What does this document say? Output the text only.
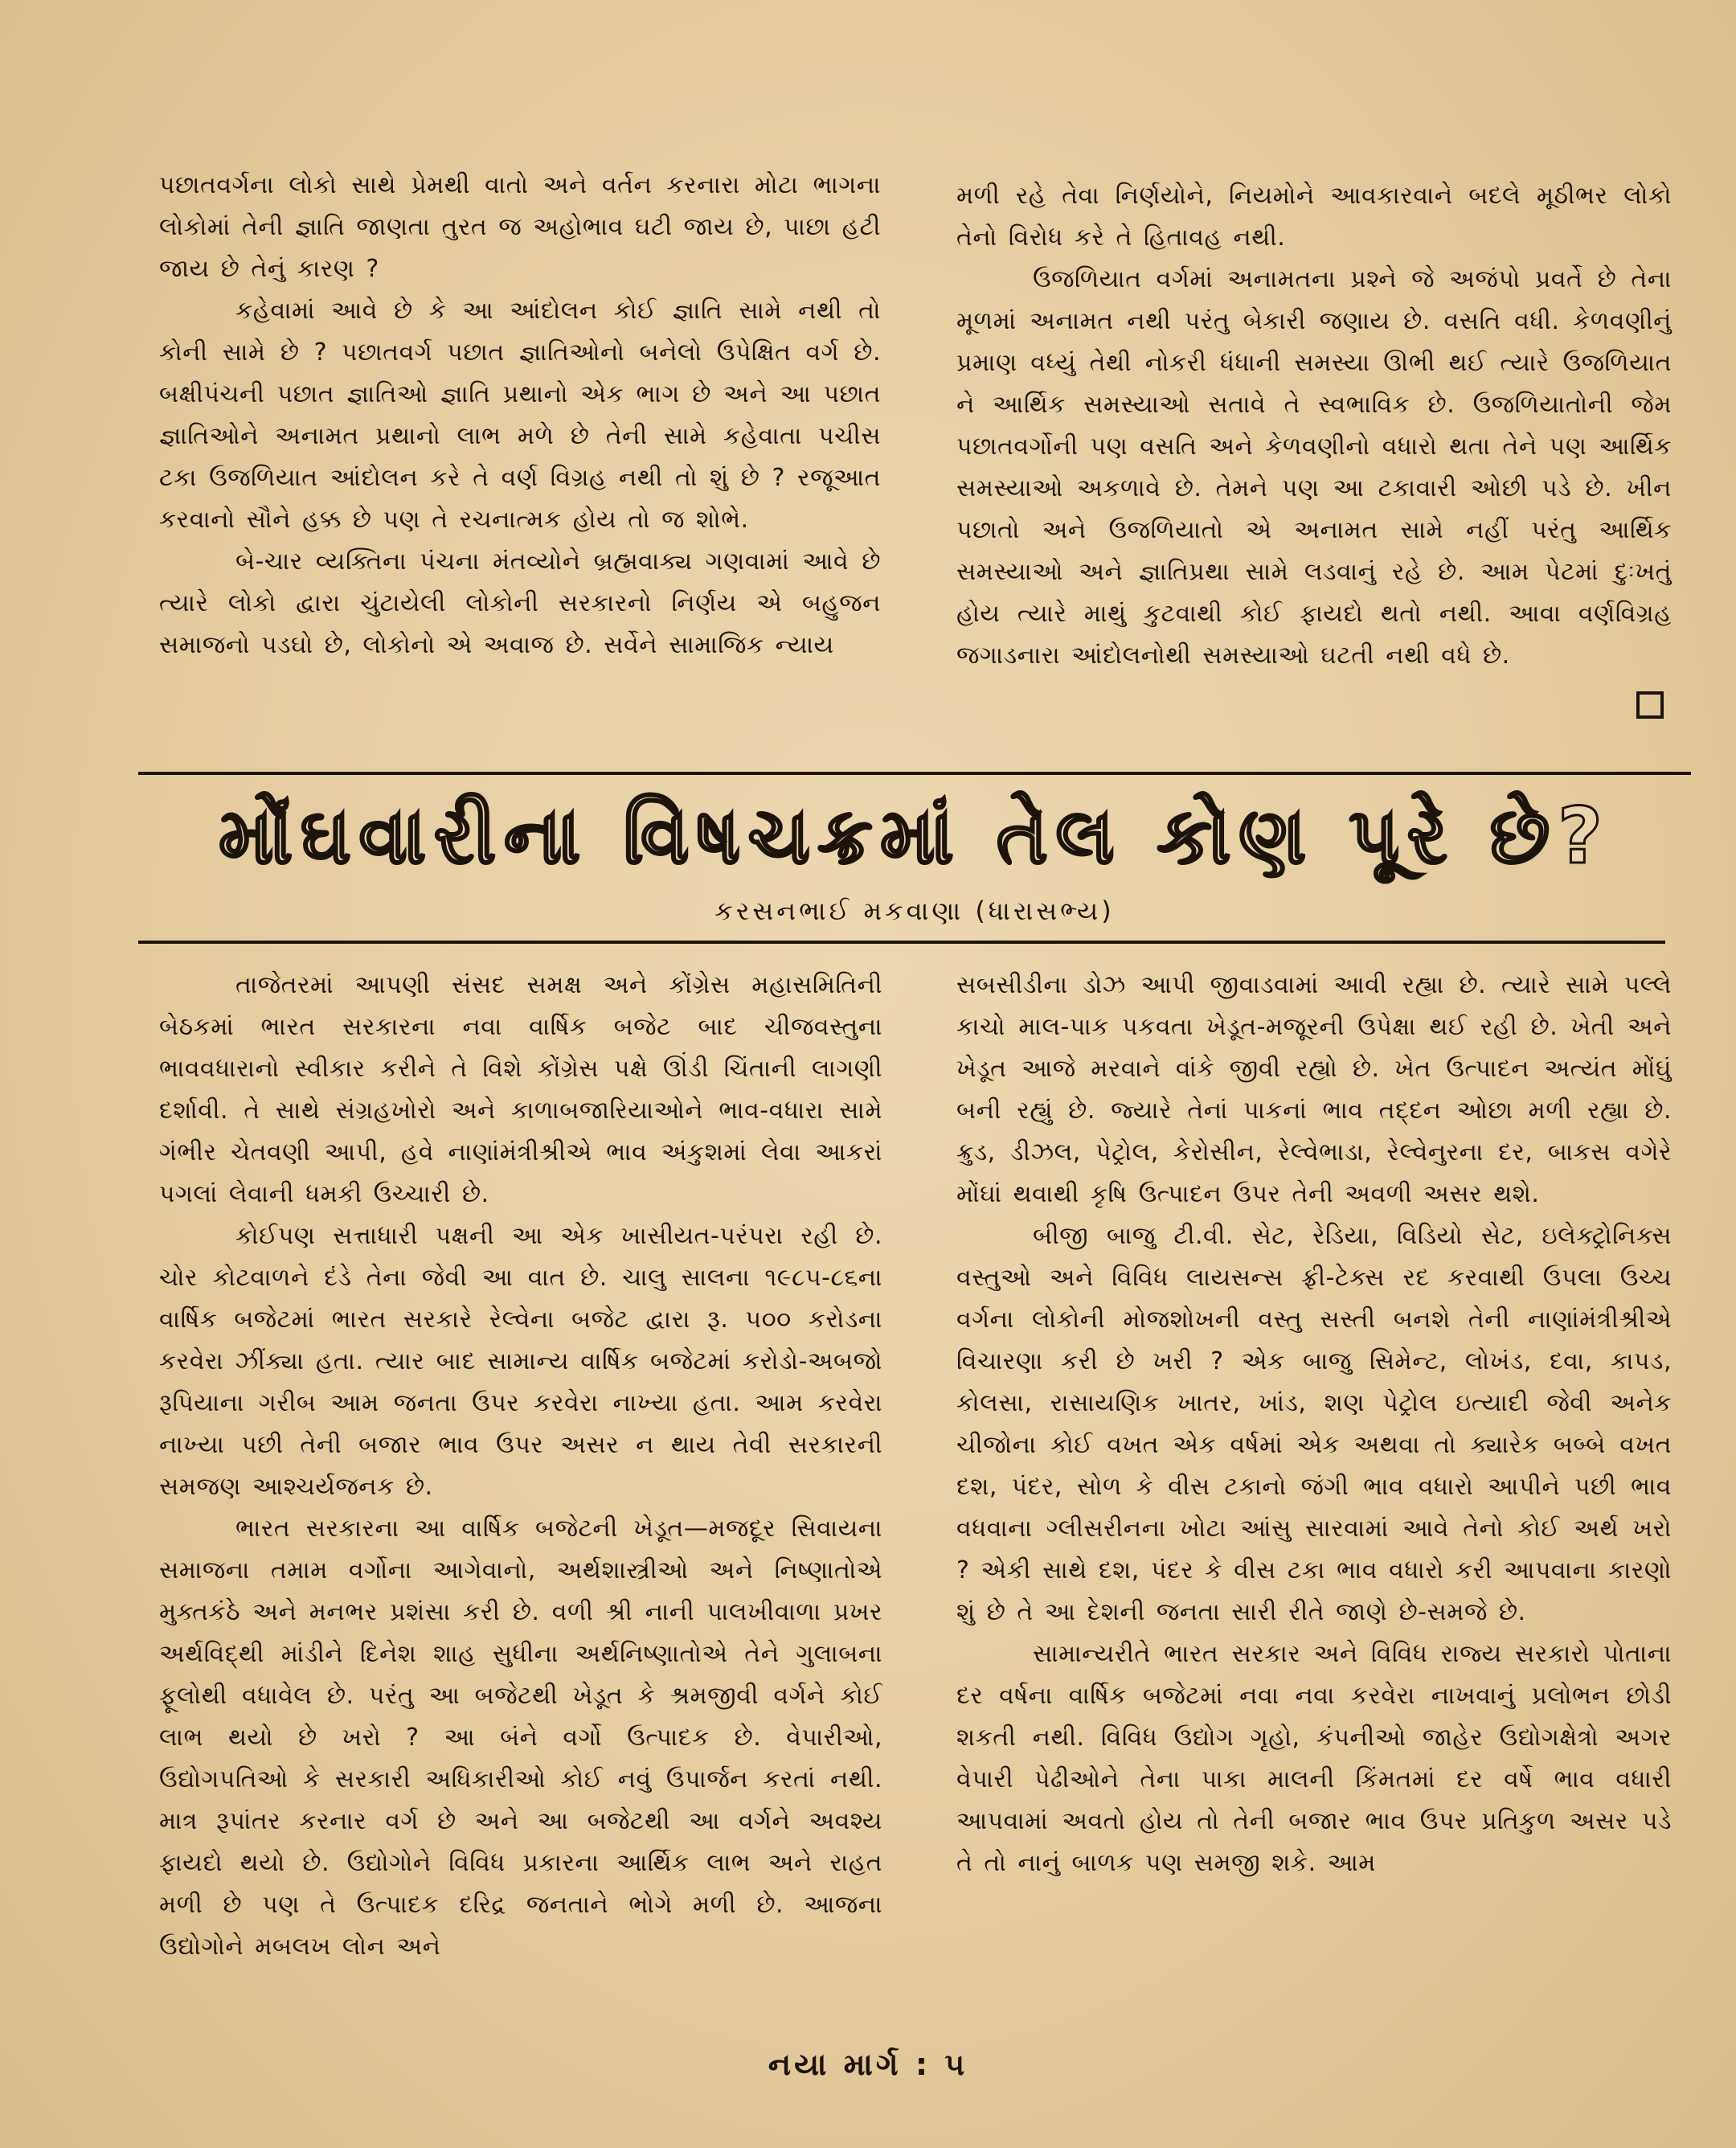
પછાતવર્ગના લોકો સાથે પ્રેમથી વાતો અને વર્તન કરનારા મોટા ભાગના લોકોમાં તેની જ્ઞાતિ જાણતા તુરત જ અહોભાવ ઘટી જાય છે, પાછા હટી જાય છે તેનું કારણ ?

કહેવામાં આવે છે કે આ આંદોલન કોઈ જ્ઞાતિ સામે નથી તો કોની સામે છે ? પછાતવર્ગ પછાત જ્ઞાતિઓનો બનેલો ઉપેક્ષિત વર્ગ છે. બક્ષીપંચની પછાત જ્ઞાતિઓ જ્ઞાતિ પ્રથાનો એક ભાગ છે અને આ પછાત જ્ઞાતિઓને અનામત પ્રથાનો લાભ મળે છે તેની સામે કહેવાતા પચીસ ટકા ઉજળિયાત આંદોલન કરે તે વર્ણ વિગ્રહ નથી તો શું છે ? રજૂઆત કરવાનો સૌને હક્ક છે પણ તે રચનાત્મક હોય તો જ શોભે.

બે-ચાર વ્યક્તિના પંચના મંતવ્યોને બ્રહ્મવાક્ય ગણવામાં આવે છે ત્યારે લોકો દ્વારા ચુંટાયેલી લોકોની સરકારનો નિર્ણય એ બહુજન સમાજનો પડઘો છે, લોકોનો એ અવાજ છે. સર્વેને સામાજિક ન્યાય

મળી રહે તેવા નિર્ણયોને, નિયમોને આવકારવાને બદલે મૂઠીભર લોકો તેનો વિરોધ કરે તે હિતાવહ નથી.

ઉજળિયાત વર્ગમાં અનામતના પ્રશ્ને જે અજંપો પ્રવર્તે છે તેના મૂળમાં અનામત નથી પરંતુ બેકારી જણાય છે. વસતિ વધી. કેળવણીનું પ્રમાણ વધ્યું તેથી નોકરી ધંધાની સમસ્યા ઊભી થઈ ત્યારે ઉજળિયાત ને આર્થિક સમસ્યાઓ સતાવે તે સ્વભાવિક છે. ઉજળિયાતોની જેમ પછાતવર્ગોની પણ વસતિ અને કેળવણીનો વધારો થતા તેને પણ આર્થિક સમસ્યાઓ અકળાવે છે. તેમને પણ આ ટકાવારી ઓછી પડે છે. ખીન પછાતો અને ઉજળિયાતો એ અનામત સામે નહીં પરંતુ આર્થિક સમસ્યાઓ અને જ્ઞાતિપ્રથા સામે લડવાનું રહે છે. આમ પેટમાં દુઃખતું હોય ત્યારે માથું કુટવાથી કોઈ ફાયદો થતો નથી. આવા વર્ણવિગ્રહ જગાડનારા આંદોલનોથી સમસ્યાઓ ઘટતી નથી વધે છે.

મોંઘવારીના વિષચક્રમાં તેલ કોણ પૂરે છે?
કરસનભાઈ મકવાણા (ધારાસભ્ય)

તાજેતરમાં આપણી સંસદ સમક્ષ અને કોંગ્રેસ મહાસમિતિની બેઠકમાં ભારત સરકારના નવા વાર્ષિક બજેટ બાદ ચીજવસ્તુના ભાવવધારાનો સ્વીકાર કરીને તે વિશે કોંગ્રેસ પક્ષે ઊંડી ચિંતાની લાગણી દર્શાવી. તે સાથે સંગ્રહખોરો અને કાળાબજારિયાઓને ભાવ-વધારા સામે ગંભીર ચેતવણી આપી, હવે નાણાંમંત્રીશ્રીએ ભાવ અંકુશમાં લેવા આકરાં પગલાં લેવાની ધમકી ઉચ્ચારી છે.

કોઈપણ સત્તાધારી પક્ષની આ એક ખાસીયત-પરંપરા રહી છે. ચોર કોટવાળને દંડે તેના જેવી આ વાત છે. ચાલુ સાલના ૧૯૮૫-૮૬ના વાર્ષિક બજેટમાં ભારત સરકારે રેલ્વેના બજેટ દ્વારા રૂ. ૫૦૦ કરોડના કરવેરા ઝીંક્યા હતા. ત્યાર બાદ સામાન્ય વાર્ષિક બજેટમાં કરોડો-અબજો રૂપિયાના ગરીબ આમ જનતા ઉપર કરવેરા નાખ્યા હતા. આમ કરવેરા નાખ્યા પછી તેની બજાર ભાવ ઉપર અસર ન થાય તેવી સરકારની સમજણ આશ્ચર્યજનક છે.

ભારત સરકારના આ વાર્ષિક બજેટની ખેડૂત—મજદૂર સિવાયના સમાજના તમામ વર્ગોના આગેવાનો, અર્થશાસ્ત્રીઓ અને નિષ્ણાતોએ મુક્તકંઠે અને મનભર પ્રશંસા કરી છે. વળી શ્રી નાની પાલખીવાળા પ્રખર અર્થવિદ્થી માંડીને દિનેશ શાહ સુધીના અર્થનિષ્ણાતોએ તેને ગુલાબના ફૂલોથી વધાવેલ છે. પરંતુ આ બજેટથી ખેડૂત કે શ્રમજીવી વર્ગને કોઈ લાભ થયો છે ખરો ? આ બંને વર્ગો ઉત્પાદક છે. વેપારીઓ, ઉદ્યોગપતિઓ કે સરકારી અધિકારીઓ કોઈ નવું ઉપાર્જન કરતાં નથી. માત્ર રૂપાંતર કરનાર વર્ગ છે અને આ બજેટથી આ વર્ગને અવશ્ય ફાયદો થયો છે. ઉદ્યોગોને વિવિધ પ્રકારના આર્થિક લાભ અને રાહત મળી છે પણ તે ઉત્પાદક દરિદ્ર જનતાને ભોગે મળી છે. આજના ઉદ્યોગોને મબલખ લોન અને

સબસીડીના ડોઝ આપી જીવાડવામાં આવી રહ્યા છે. ત્યારે સામે પલ્લે કાચો માલ-પાક પકવતા ખેડૂત-મજૂરની ઉપેક્ષા થઈ રહી છે. ખેતી અને ખેડૂત આજે મરવાને વાંકે જીવી રહ્યો છે. ખેત ઉત્પાદન અત્યંત મોંઘું બની રહ્યું છે. જ્યારે તેનાં પાકનાં ભાવ તદ્દન ઓછા મળી રહ્યા છે. ક્રુડ, ડીઝલ, પેટ્રોલ, કેરોસીન, રેલ્વેભાડા, રેલ્વેનુરના દર, બાકસ વગેરે મોંઘાં થવાથી કૃષિ ઉત્પાદન ઉપર તેની અવળી અસર થશે.

બીજી બાજુ ટી.વી. સેટ, રેડિયા, વિડિયો સેટ, ઇલેક્ટ્રોનિક્સ વસ્તુઓ અને વિવિધ લાયસન્સ ફ્રી-ટેક્સ રદ કરવાથી ઉપલા ઉચ્ચ વર્ગના લોકોની મોજશોખની વસ્તુ સસ્તી બનશે તેની નાણાંમંત્રીશ્રીએ વિચારણા કરી છે ખરી ? એક બાજુ સિમેન્ટ, લોખંડ, દવા, કાપડ, કોલસા, રાસાયણિક ખાતર, ખાંડ, શણ પેટ્રોલ ઇત્યાદી જેવી અનેક ચીજોના કોઈ વખત એક વર્ષમાં એક અથવા તો ક્યારેક બબ્બે વખત દશ, પંદર, સોળ કે વીસ ટકાનો જંગી ભાવ વધારો આપીને પછી ભાવ વધવાના ગ્લીસરીનના ખોટા આંસુ સારવામાં આવે તેનો કોઈ અર્થ ખરો ? એકી સાથે દશ, પંદર કે વીસ ટકા ભાવ વધારો કરી આપવાના કારણો શું છે તે આ દેશની જનતા સારી રીતે જાણે છે-સમજે છે.

સામાન્યરીતે ભારત સરકાર અને વિવિધ રાજ્ય સરકારો પોતાના દર વર્ષના વાર્ષિક બજેટમાં નવા નવા કરવેરા નાખવાનું પ્રલોભન છોડી શકતી નથી. વિવિધ ઉદ્યોગ ગૃહો, કંપનીઓ જાહેર ઉદ્યોગક્ષેત્રો અગર વેપારી પેઢીઓને તેના પાકા માલની કિંમતમાં દર વર્ષે ભાવ વધારી આપવામાં અવતો હોય તો તેની બજાર ભાવ ઉપર પ્રતિકુળ અસર પડે તે તો નાનું બાળક પણ સમજી શકે. આમ

નયા માર્ગ : ૫
